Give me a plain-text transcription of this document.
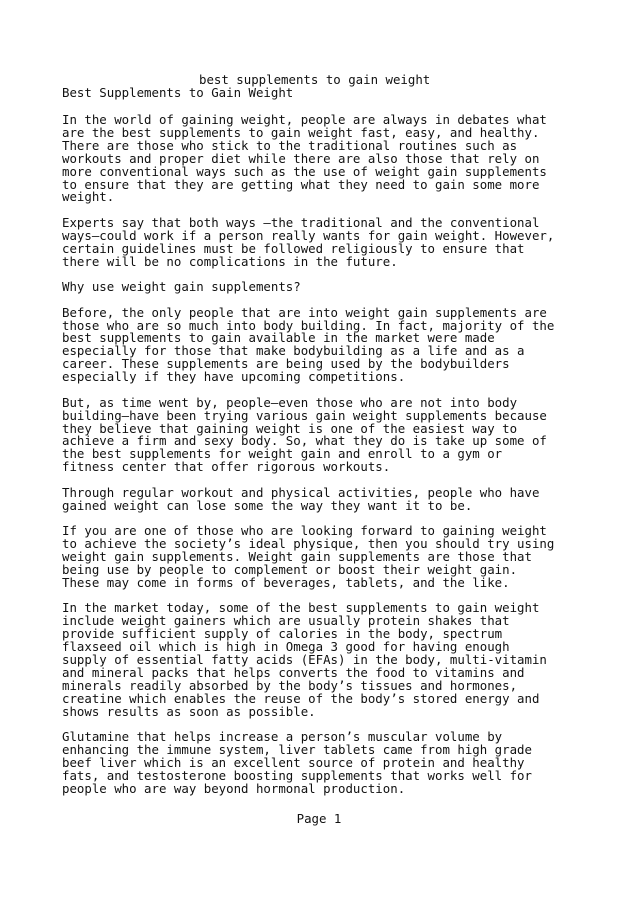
best supplements to gain weight
Best Supplements to Gain Weight
In the world of gaining weight, people are always in debates what
are the best supplements to gain weight fast, easy, and healthy.
There are those who stick to the traditional routines such as
workouts and proper diet while there are also those that rely on
more conventional ways such as the use of weight gain supplements
to ensure that they are getting what they need to gain some more
weight.
Experts say that both ways –the traditional and the conventional
ways—could work if a person really wants for gain weight. However,
certain guidelines must be followed religiously to ensure that
there will be no complications in the future.
Why use weight gain supplements?
Before, the only people that are into weight gain supplements are
those who are so much into body building. In fact, majority of the
best supplements to gain available in the market were made
especially for those that make bodybuilding as a life and as a
career. These supplements are being used by the bodybuilders
especially if they have upcoming competitions.
But, as time went by, people—even those who are not into body
building—have been trying various gain weight supplements because
they believe that gaining weight is one of the easiest way to
achieve a firm and sexy body. So, what they do is take up some of
the best supplements for weight gain and enroll to a gym or
fitness center that offer rigorous workouts.
Through regular workout and physical activities, people who have
gained weight can lose some the way they want it to be.
If you are one of those who are looking forward to gaining weight
to achieve the society’s ideal physique, then you should try using
weight gain supplements. Weight gain supplements are those that
being use by people to complement or boost their weight gain.
These may come in forms of beverages, tablets, and the like.
In the market today, some of the best supplements to gain weight
include weight gainers which are usually protein shakes that
provide sufficient supply of calories in the body, spectrum
flaxseed oil which is high in Omega 3 good for having enough
supply of essential fatty acids (EFAs) in the body, multi-vitamin
and mineral packs that helps converts the food to vitamins and
minerals readily absorbed by the body’s tissues and hormones,
creatine which enables the reuse of the body’s stored energy and
shows results as soon as possible.
Glutamine that helps increase a person’s muscular volume by
enhancing the immune system, liver tablets came from high grade
beef liver which is an excellent source of protein and healthy
fats, and testosterone boosting supplements that works well for
people who are way beyond hormonal production.
Page 1
